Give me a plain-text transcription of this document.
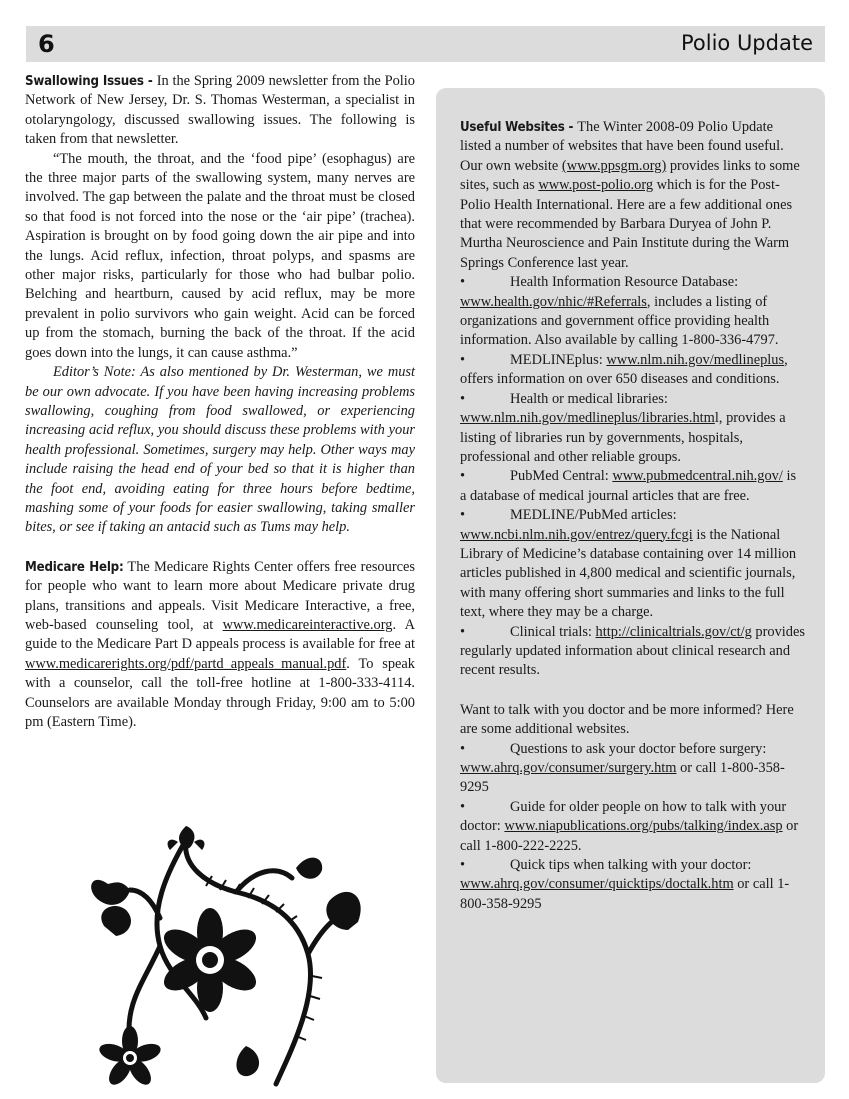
6	Polio Update

Swallowing Issues - In the Spring 2009 newsletter from the Polio Network of New Jersey, Dr. S. Thomas Westerman, a specialist in otolaryngology, discussed swallowing issues. The following is taken from that newsletter.

“The mouth, the throat, and the ‘food pipe’ (esophagus) are the three major parts of the swallowing system, many nerves are involved. The gap between the palate and the throat must be closed so that food is not forced into the nose or the ‘air pipe’ (trachea). Aspiration is brought on by food going down the air pipe and into the lungs. Acid reflux, infection, throat polyps, and spasms are other major risks, particularly for those who had bulbar polio. Belching and heartburn, caused by acid reflux, may be more prevalent in polio survivors who gain weight. Acid can be forced up from the stomach, burning the back of the throat. If the acid goes down into the lungs, it can cause asthma.”

Editor’s Note: As also mentioned by Dr. Westerman, we must be our own advocate. If you have been having increasing problems swallowing, coughing from food swallowed, or experiencing increasing acid reflux, you should discuss these problems with your health professional. Sometimes, surgery may help. Other ways may include raising the head end of your bed so that it is higher than the foot end, avoiding eating for three hours before bedtime, mashing some of your foods for easier swallowing, taking smaller bites, or see if taking an antacid such as Tums may help.

Medicare Help: The Medicare Rights Center offers free resources for people who want to learn more about Medicare private drug plans, transitions and appeals. Visit Medicare Interactive, a free, web-based counseling tool, at www.medicareinteractive.org. A guide to the Medicare Part D appeals process is available for free at www.medicarerights.org/pdf/partd_appeals_manual.pdf. To speak with a counselor, call the toll-free hotline at 1-800-333-4114. Counselors are available Monday through Friday, 9:00 am to 5:00 pm (Eastern Time).

Useful Websites - The Winter 2008-09 Polio Update listed a number of websites that have been found useful. Our own website (www.ppsgm.org) provides links to some sites, such as www.post-polio.org which is for the Post-Polio Health International. Here are a few additional ones that were recommended by Barbara Duryea of John P. Murtha Neuroscience and Pain Institute during the Warm Springs Conference last year.

•	Health Information Resource Database: www.health.gov/nhic/#Referrals, includes a listing of organizations and government office providing health information. Also available by calling 1-800-336-4797.

•	MEDLINEplus: www.nlm.nih.gov/medlineplus, offers information on over 650 diseases and conditions.

•	Health or medical libraries: www.nlm.nih.gov/medlineplus/libraries.html, provides a listing of libraries run by governments, hospitals, professional and other reliable groups.

•	PubMed Central: www.pubmedcentral.nih.gov/ is a database of medical journal articles that are free.

•	MEDLINE/PubMed articles: www.ncbi.nlm.nih.gov/entrez/query.fcgi is the National Library of Medicine’s database containing over 14 million articles published in 4,800 medical and scientific journals, with many offering short summaries and links to the full text, where they may be a charge.

•	Clinical trials: http://clinicaltrials.gov/ct/g provides regularly updated information about clinical research and recent results.

Want to talk with you doctor and be more informed? Here are some additional websites.

•	Questions to ask your doctor before surgery: www.ahrq.gov/consumer/surgery.htm or call 1-800-358-9295

•	Guide for older people on how to talk with your doctor: www.niapublications.org/pubs/talking/index.asp or call 1-800-222-2225.

•	Quick tips when talking with your doctor: www.ahrq.gov/consumer/quicktips/doctalk.htm or call 1-800-358-9295
